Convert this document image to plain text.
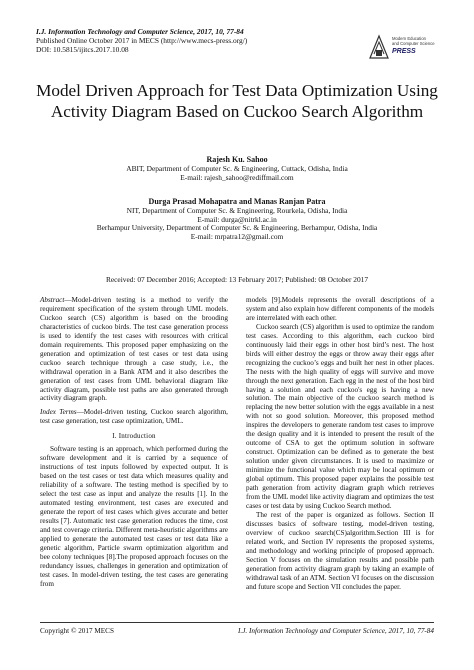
I.J. Information Technology and Computer Science, 2017, 10, 77-84
Published Online October 2017 in MECS (http://www.mecs-press.org/)
DOI: 10.5815/ijitcs.2017.10.08
Modern Education
and Computer Science
PRESS
Model Driven Approach for Test Data Optimization Using Activity Diagram Based on Cuckoo Search Algorithm
Rajesh Ku. Sahoo
ABIT, Department of Computer Sc. & Engineering, Cuttack, Odisha, India
E-mail: rajesh_sahoo@rediffmail.com
Durga Prasad Mohapatra and Manas Ranjan Patra
NIT, Department of Computer Sc. & Engineering, Rourkela, Odisha, India
E-mail: durga@nitrkl.ac.in
Berhampur University, Department of Computer Sc. & Engineering, Berhampur, Odisha, India
E-mail: mrpatra12@gmail.com
Received: 07 December 2016; Accepted: 13 February 2017; Published: 08 October 2017

Abstract—Model-driven testing is a method to verify the requirement specification of the system through UML models. Cuckoo search (CS) algorithm is based on the brooding characteristics of cuckoo birds. The test case generation process is used to identify the test cases with resources with critical domain requirements. This proposed paper emphasizing on the generation and optimization of test cases or test data using cuckoo search technique through a case study, i.e., the withdrawal operation in a Bank ATM and it also describes the generation of test cases from UML behavioral diagram like activity diagram, possible test paths are also generated through activity diagram graph.

Index Terms—Model-driven testing, Cuckoo search algorithm, test case generation, test case optimization, UML.

I. Introduction

Software testing is an approach, which performed during the software development and it is carried by a sequence of instructions of test inputs followed by expected output. It is based on the test cases or test data which measures quality and reliability of a software. The testing method is specified by to select the test case as input and analyze the results [1]. In the automated testing environment, test cases are executed and generate the report of test cases which gives accurate and better results [7]. Automatic test case generation reduces the time, cost and test coverage criteria. Different meta-heuristic algorithms are applied to generate the automated test cases or test data like a genetic algorithm, Particle swarm optimization algorithm and bee colony techniques [8].The proposed approach focuses on the redundancy issues, challenges in generation and optimization of test cases. In model-driven testing, the test cases are generating from

models [9].Models represents the overall descriptions of a system and also explain how different components of the models are interrelated with each other.

Cuckoo search (CS) algorithm is used to optimize the random test cases. According to this algorithm, each cuckoo bird continuously laid their eggs in other host bird’s nest. The host birds will either destroy the eggs or throw away their eggs after recognizing the cuckoo’s eggs and built her nest in other places. The nests with the high quality of eggs will survive and move through the next generation. Each egg in the nest of the host bird having a solution and each cuckoo's egg is having a new solution. The main objective of the cuckoo search method is replacing the new better solution with the eggs available in a nest with not so good solution. Moreover, this proposed method inspires the developers to generate random test cases to improve the design quality and it is intended to present the result of the outcome of CSA to get the optimum solution in software construct. Optimization can be defined as to generate the best solution under given circumstances. It is used to maximize or minimize the functional value which may be local optimum or global optimum. This proposed paper explains the possible test path generation from activity diagram graph which retrieves from the UML model like activity diagram and optimizes the test cases or test data by using Cuckoo Search method.

The rest of the paper is organized as follows. Section II discusses basics of software testing, model-driven testing, overview of cuckoo search(CS)algorithm.Section III is for related work, and Section IV represents the proposed systems, and methodology and working principle of proposed approach. Section V focuses on the simulation results and possible path generation from activity diagram graph by taking an example of withdrawal task of an ATM. Section VI focuses on the discussion and future scope and Section VII concludes the paper.

Copyright © 2017 MECS	I.J. Information Technology and Computer Science, 2017, 10, 77-84
